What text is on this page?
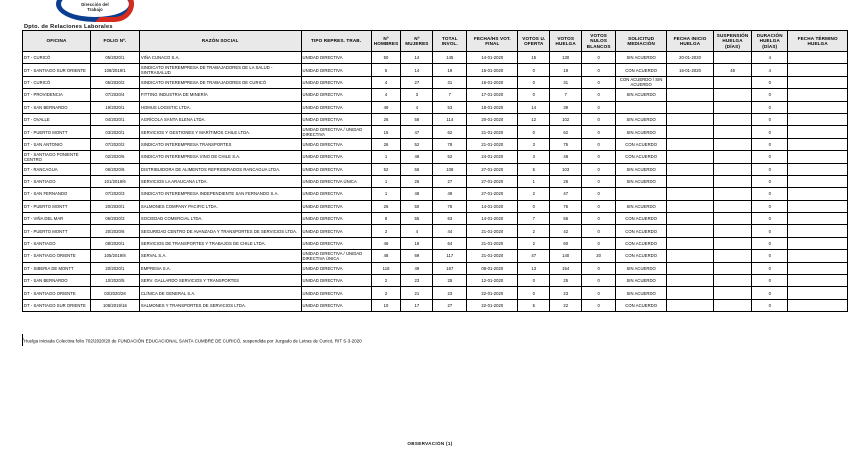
Dirección del
Trabajo
Dpto. de Relaciones Laborales
OFICINA	FOLIO Nº.	RAZÓN SOCIAL	TIPO REPRES. TRAB.	Nº HOMBRES	Nº MUJERES	TOTAL INVOL.	FECHA/HS VOT. FINAL	VOTOS U. OFERTA	VOTOS HUELGA	VOTOS NULOS BLANCOS	SOLICITUD MEDIACIÓN	FECHA INICIO HUELGA	SUSPENSIÓN HUELGA (DÍAS)	DURACIÓN HUELGA (DÍAS)	FECHA TÉRMINO HUELGA
DT - CURICÓ	05/2020/1	VIÑA CUNACO S.A.	UNIDAD DIRECTIVA	50	14	145	14-01-2020	15	130	0	SIN ACUERDO	20-01-2020		4	
DT - SANTIAGO SUR ORIENTE	108/2019/1	SINDICATO INTEREMPRESA DE TRABAJADORES DE LA SALUD - SINTRASALUD	UNIDAD DIRECTIVA	5	14	19	15-01-2020	0	19	0	CON ACUERDO	16-01-2020	48	4	
DT - CURICÓ	05/2020/2	SINDICATO INTEREMPRESA DE TRABAJADORES DE CURICÓ	UNIDAD DIRECTIVA	4	27	31	16-01-2020	0	31	0	CON ACUERDO / SIN ACUERDO			0	
DT - PROVIDENCIA	07/2020/4	FITTING INDUSTRIA DE MINERÍA	UNIDAD DIRECTIVA	4	3	7	17-01-2020	0	7	0	SIN ACUERDO			0	
DT - SAN BERNARDO	19/2020/1	HOMUS LOGISTIC LTDA.	UNIDAD DIRECTIVA	49	4	53	18-01-2020	14	39	0				0	
DT - OVALLE	04/2020/1	AGRÍCOLA SANTA ELENA LTDA.	UNIDAD DIRECTIVA	26	58	114	20-01-2020	12	102	0	SIN ACUERDO			0	
DT - PUERTO MONTT	03/2020/1	SERVICIOS Y GESTIONES Y MARÍTIMOS CHILE LTDA.	UNIDAD DIRECTIVA / UNIDAD DIRECTIVA	15	47	62	21-01-2020	0	62	0	SIN ACUERDO			0	
DT - SAN ANTONIO	07/2020/2	SINDICATO INTEREMPRESA TRANSPORTES	UNIDAD DIRECTIVA	26	52	78	21-01-2020	3	75	0	CON ACUERDO			0	
DT - SANTIAGO PONIENTE CENTRO	02/2020/6	SINDICATO INTEREMPRESA VINO DE CHILE S.A.	UNIDAD DIRECTIVA	1	48	52	24-01-2020	3	48	0	CON ACUERDO			0	
DT - RANCAGUA	06/2020/6	DISTRIBUIDORA DE ALIMENTOS REFRIGERADOS RANCAGUA LTDA.	UNIDAD DIRECTIVA	52	56	108	27-01-2020	5	103	0	SIN ACUERDO			0	
DT - SANTIAGO	101/2019/6	SERVICIOS LA ARAUCANA LTDA.	UNIDAD DIRECTIVA ÚNICA	1	26	27	27-01-2020	1	26	0	SIN ACUERDO			0	
DT - SAN FERNANDO	07/2020/3	SINDICATO INTEREMPRESA INDEPENDIENTE SAN FERNANDO S.A.	UNIDAD DIRECTIVA	1	48	49	27-01-2020	2	47	0				0	
DT - PUERTO MONTT	20/2020/1	SALMONES COMPANY PACIFIC LTDA.	UNIDAD DIRECTIVA	26	50	76	14-01-2020	0	76	0	SIN ACUERDO			0	
DT - VIÑA DEL MAR	06/2020/3	SOCIEDAD COMERCIAL LTDA.	UNIDAD DIRECTIVA	8	55	63	14-01-2020	7	56	0	CON ACUERDO			0	
DT - PUERTO MONTT	20/2020/6	SEGURIDAD CENTRO DE AVANZADA Y TRANSPORTES DE SERVICIOS LTDA.	UNIDAD DIRECTIVA	2	4	44	21-01-2020	2	42	0	CON ACUERDO			0	
DT - SANTIAGO	08/2020/1	SERVICIOS DE TRANSPORTES Y TRABAJOS DE CHILE LTDA.	UNIDAD DIRECTIVA	46	18	64	21-01-2020	2	60	0	CON ACUERDO			0	
DT - SANTIAGO ORIENTE	105/2019/8	SERVAL S.A.	UNIDAD DIRECTIVA / UNIDAD DIRECTIVA ÚNICA	48	69	117	21-01-2020	47	140	20	CON ACUERDO			0	
DT - SIBERIA DE MONTT	20/2020/1	EMPRESA S.A.	UNIDAD DIRECTIVA	118	49	167	08-01-2020	13	154	0	SIN ACUERDO			0	
DT - SAN BERNARDO	10/2020/5	SERV. GALLARDO SERVICIOS Y TRANSPORTES	UNIDAD DIRECTIVA	2	23	25	12-01-2020	0	25	0	SIN ACUERDO			0	
DT - SANTIAGO ORIENTE	03/2020/28	CLÍNICA DE GENERAL S.A.	UNIDAD DIRECTIVA	2	21	23	22-01-2020	0	23	0	SIN ACUERDO			0	
DT - SANTIAGO SUR ORIENTE	108/2019/16	SALMONES Y TRANSPORTES DE SERVICIOS LTDA.	UNIDAD DIRECTIVA	10	17	27	22-01-2020	5	22	0	CON ACUERDO			0	
$^1$Huelga iniciada Colectiva folio 702/2020/20 de FUNDACIÓN EDUCACIONAL SANTA CUMBRE DE CURICÓ, suspendida por Juzgado de Letras de Curicó, RIT S-3-2020
OBSERVACIÓN (1)
